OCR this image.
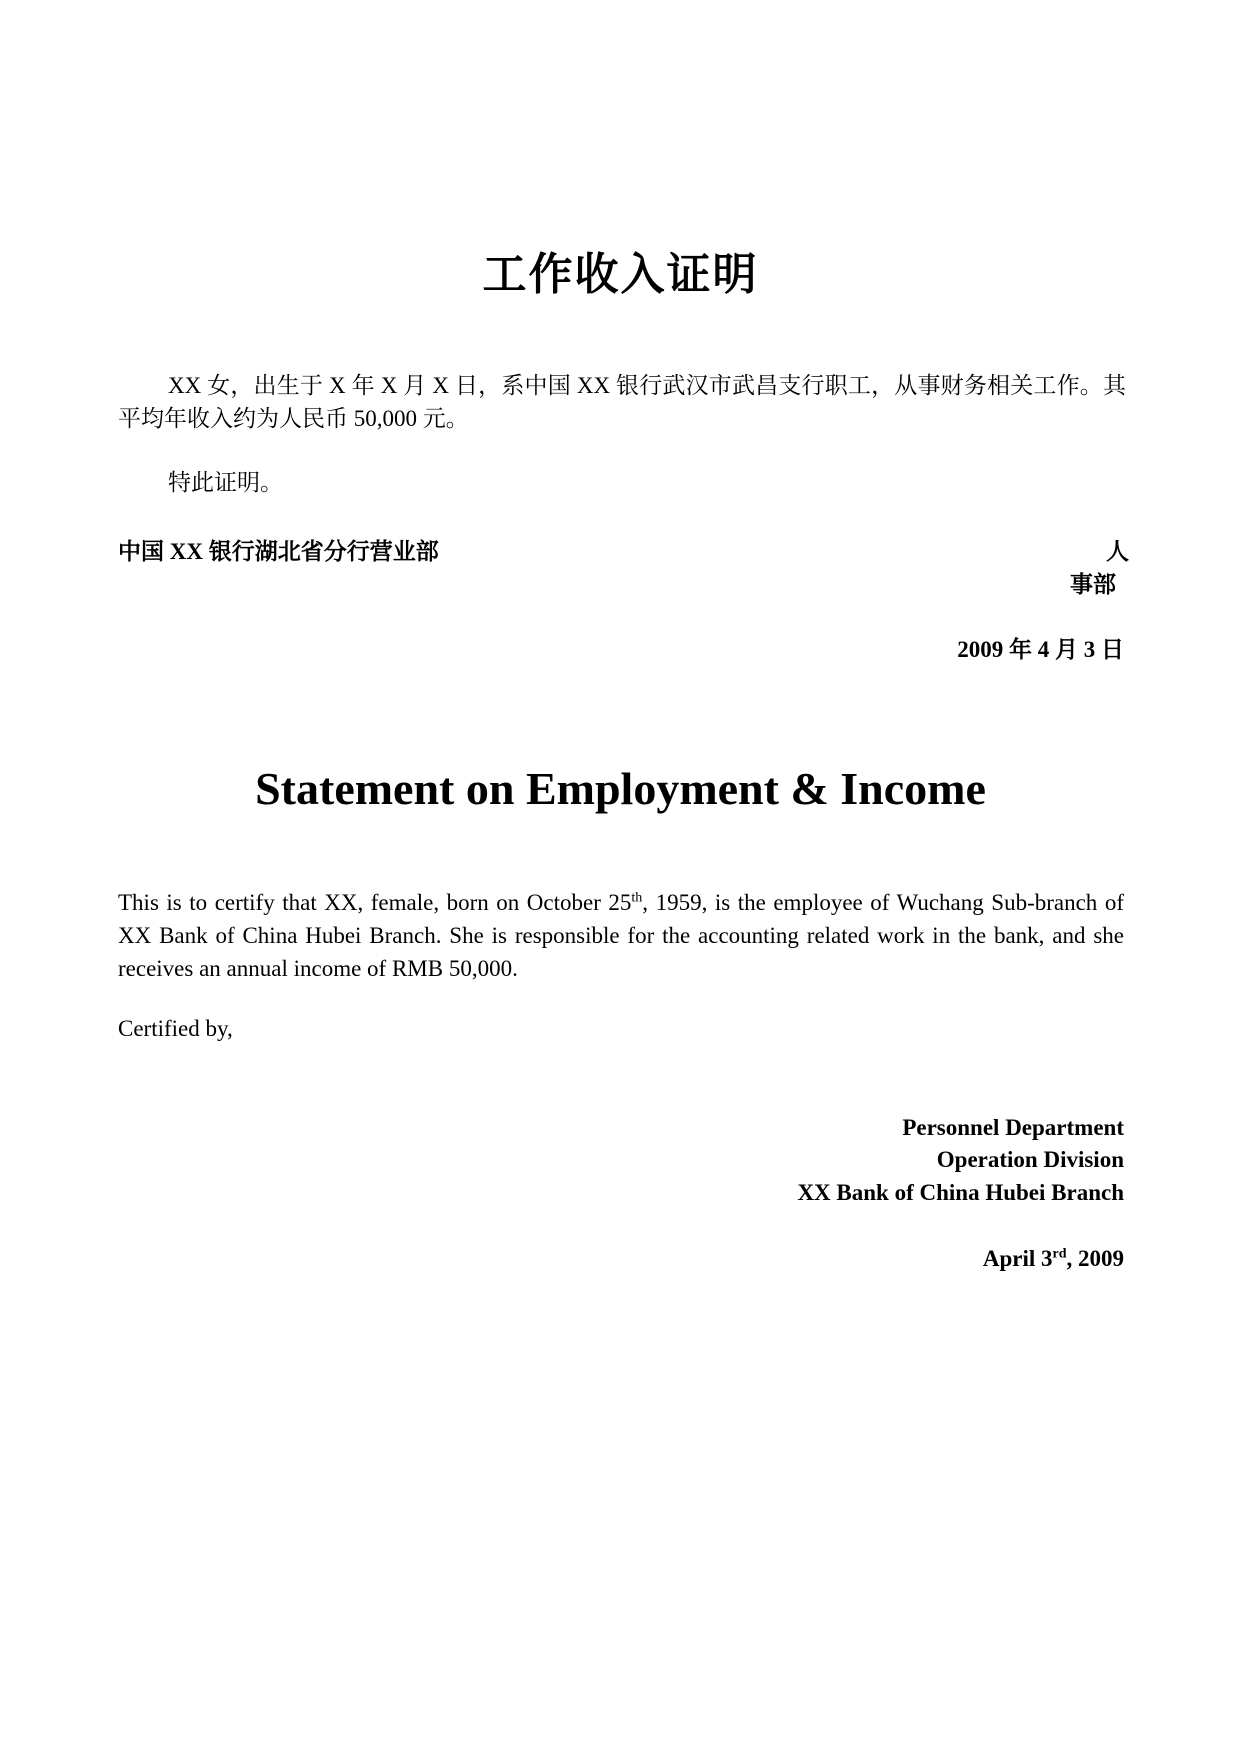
工作收入证明
XX 女，出生于 X 年 X 月 X 日，系中国 XX 银行武汉市武昌支行职工，从事财务相关工作。其平均年收入约为人民币 50,000 元。
特此证明。
中国 XX 银行湖北省分行营业部	人
事部
2009 年 4 月 3 日
Statement on Employment & Income
This is to certify that XX, female, born on October 25th, 1959, is the employee of Wuchang Sub-branch of XX Bank of China Hubei Branch. She is responsible for the accounting related work in the bank, and she receives an annual income of RMB 50,000.
Certified by,
Personnel Department
Operation Division
XX Bank of China Hubei Branch
April 3rd, 2009
